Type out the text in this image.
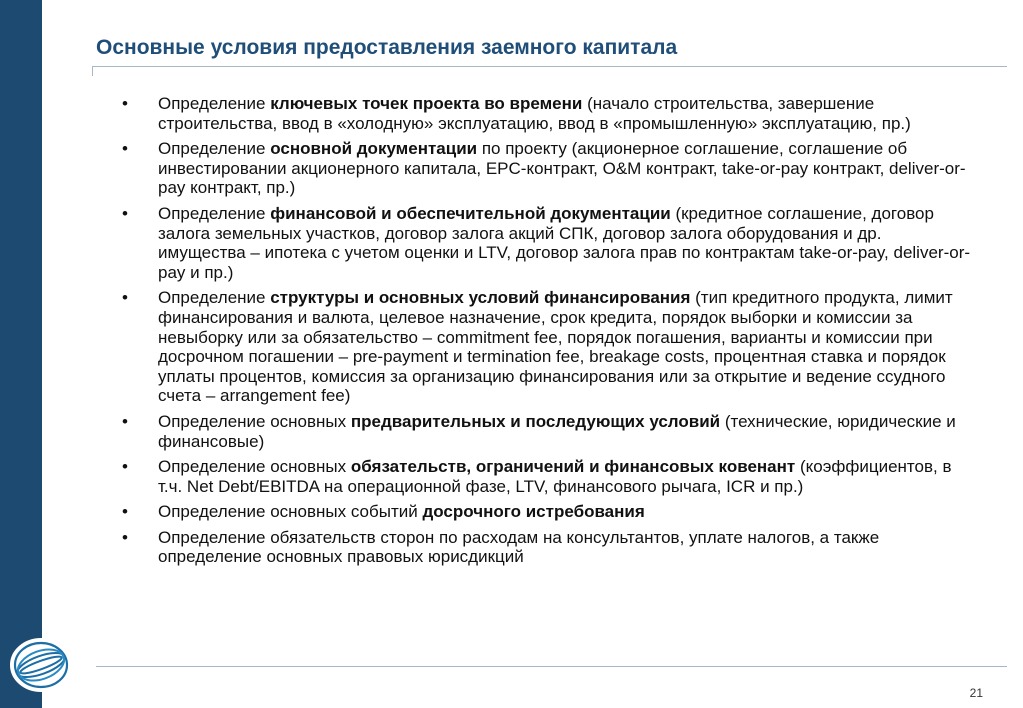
Основные условия предоставления заемного капитала
• Определение ключевых точек проекта во времени (начало строительства, завершение строительства, ввод в «холодную» эксплуатацию, ввод в «промышленную» эксплуатацию, пр.)
• Определение основной документации по проекту (акционерное соглашение, соглашение об инвестировании акционерного капитала, EPC-контракт, O&M контракт, take-or-pay контракт, deliver-or-pay контракт, пр.)
• Определение финансовой и обеспечительной документации (кредитное соглашение, договор залога земельных участков, договор залога акций СПК, договор залога оборудования и др. имущества – ипотека с учетом оценки и LTV, договор залога прав по контрактам take-or-pay, deliver-or-pay и пр.)
• Определение структуры и основных условий финансирования (тип кредитного продукта, лимит финансирования и валюта, целевое назначение, срок кредита, порядок выборки и комиссии за невыборку или за обязательство – commitment fee, порядок погашения, варианты и комиссии при досрочном погашении – pre-payment и termination fee, breakage costs, процентная ставка и порядок уплаты процентов, комиссия за организацию финансирования или за открытие и ведение ссудного счета – arrangement fee)
• Определение основных предварительных и последующих условий (технические, юридические и финансовые)
• Определение основных обязательств, ограничений и финансовых ковенант (коэффициентов, в т.ч. Net Debt/EBITDA на операционной фазе, LTV, финансового рычага, ICR и пр.)
• Определение основных событий досрочного истребования
• Определение обязательств сторон по расходам на консультантов, уплате налогов, а также определение основных правовых юрисдикций
21
